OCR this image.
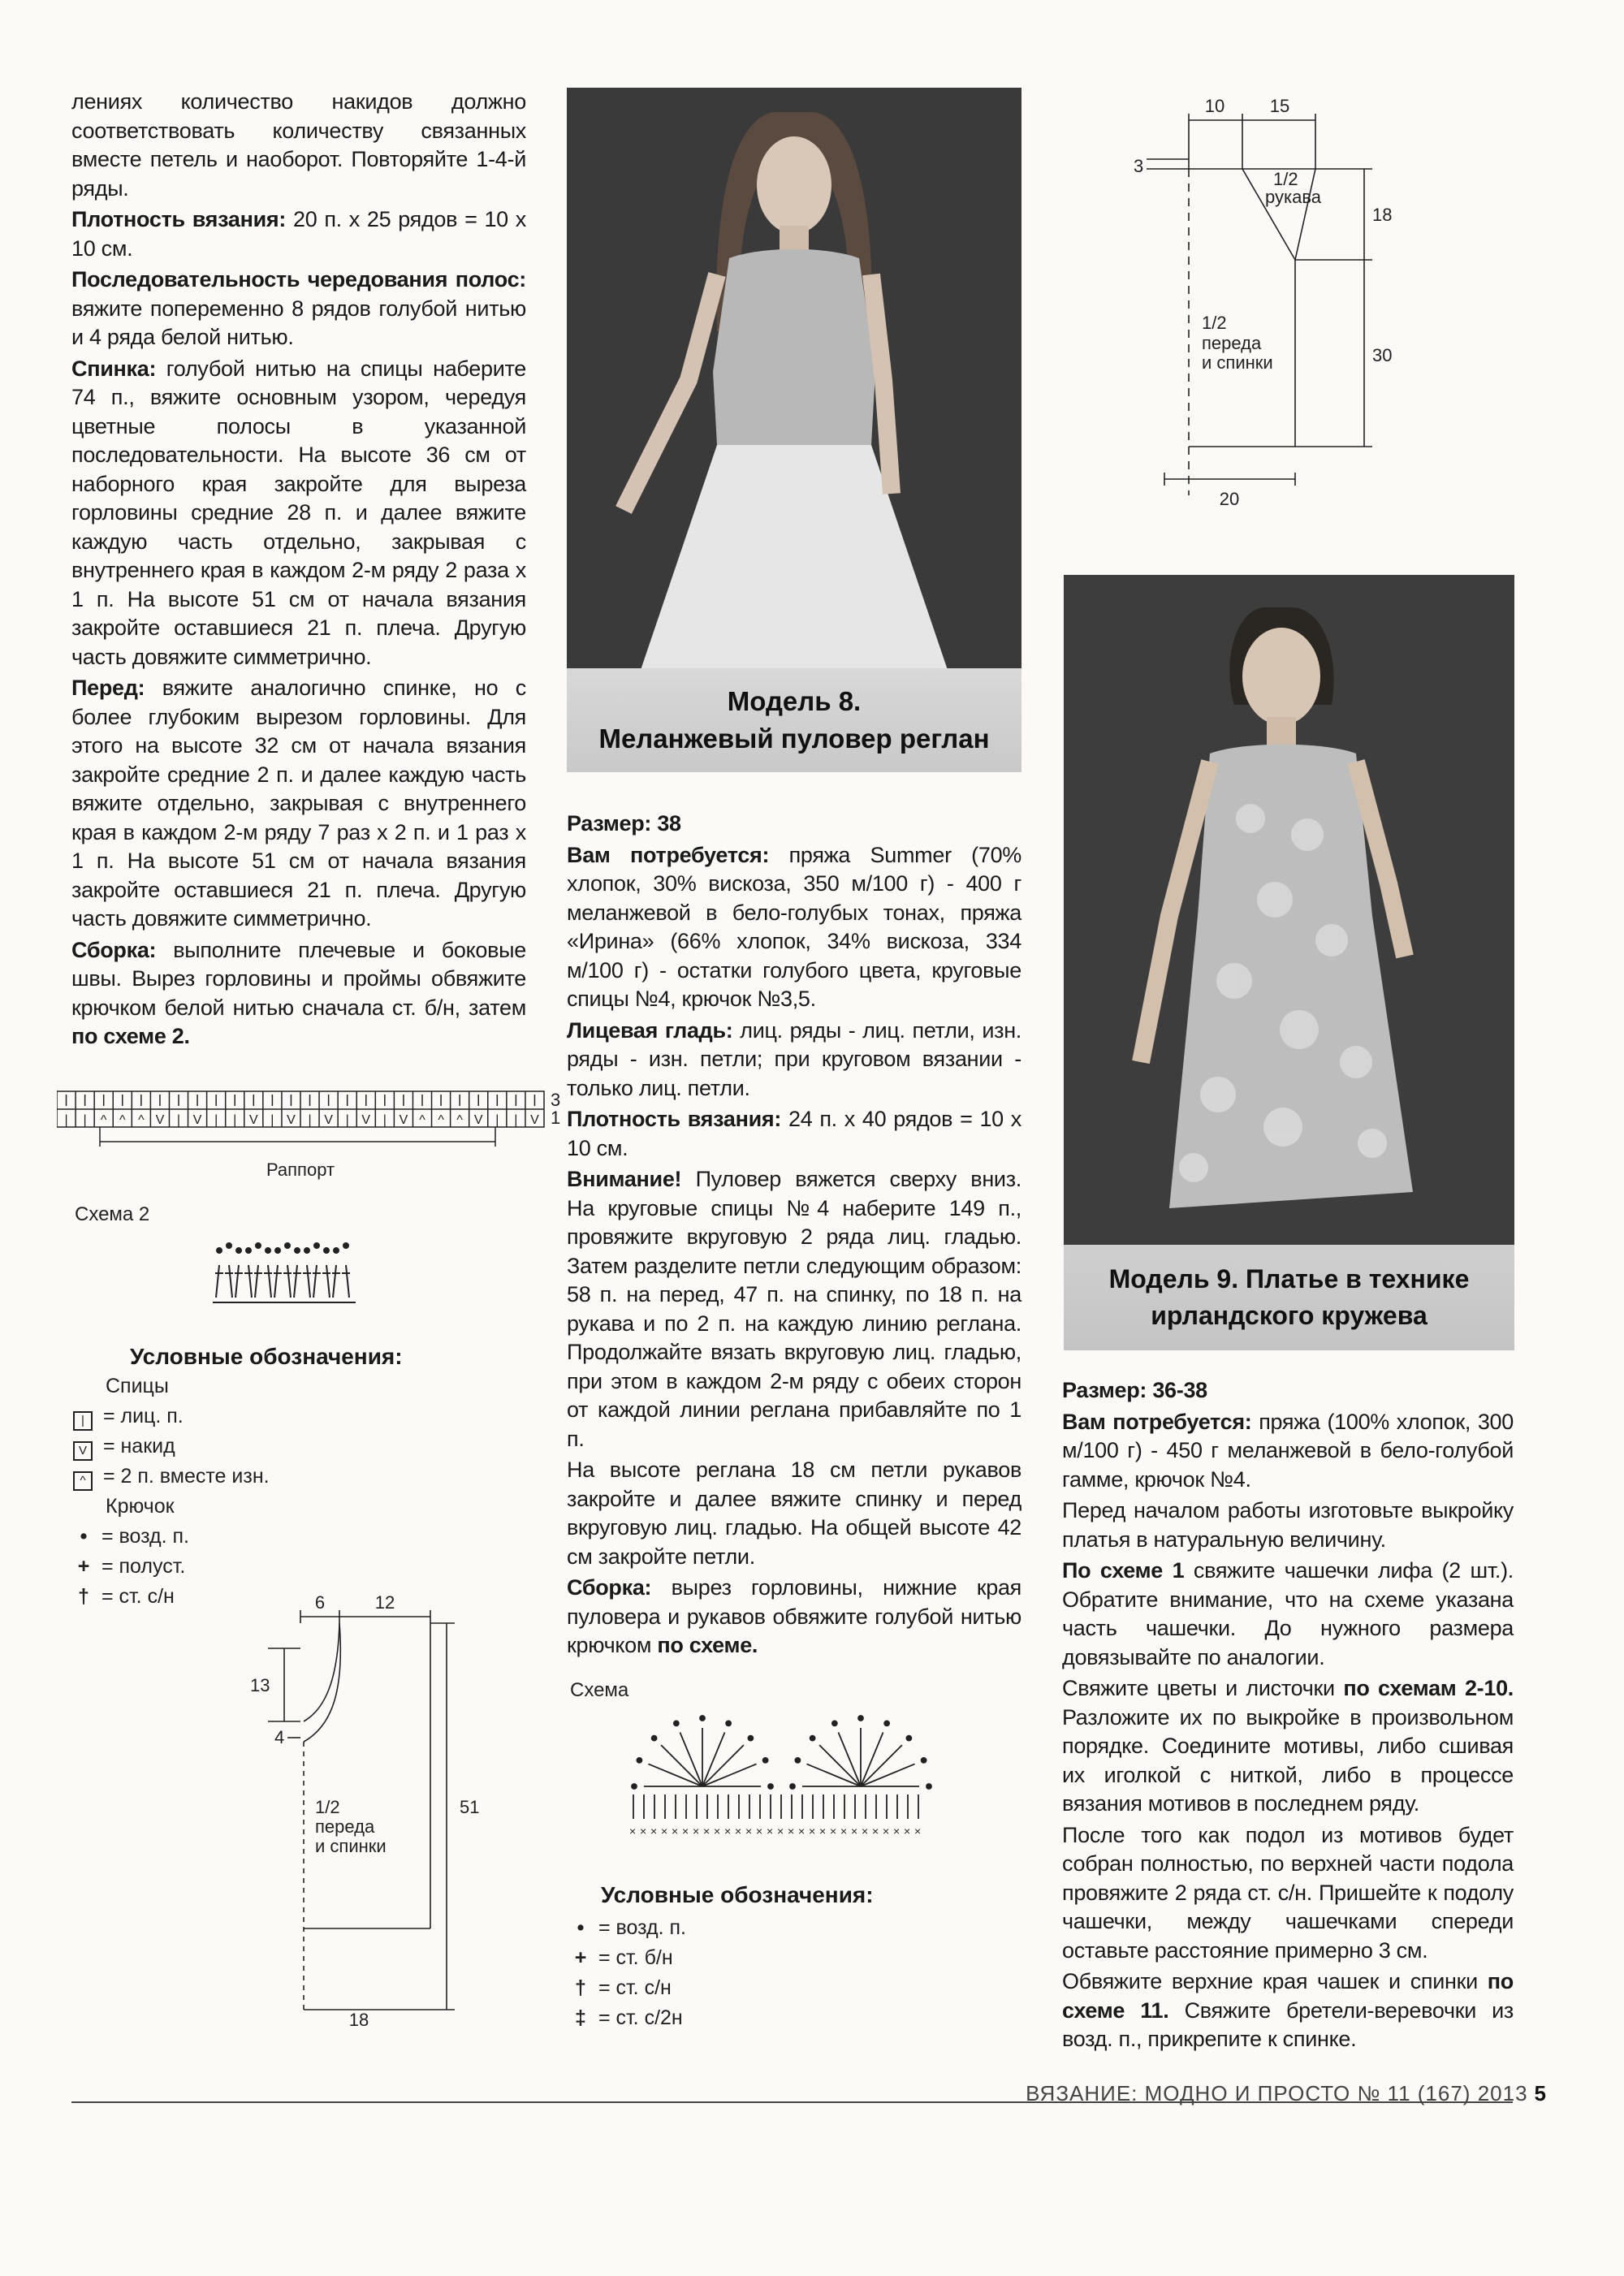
лениях количество накидов должно соответствовать количеству связанных вместе петель и наоборот. Повторяйте 1-4-й ряды.

Плотность вязания: 20 п. x 25 рядов = 10 x 10 см.

Последовательность чередования полос: вяжите попеременно 8 рядов голубой нитью и 4 ряда белой нитью.

Спинка: голубой нитью на спицы наберите 74 п., вяжите основным узором, чередуя цветные полосы в указанной последовательности. На высоте 36 см от наборного края закройте для выреза горловины средние 28 п. и далее вяжите каждую часть отдельно, закрывая с внутреннего края в каждом 2-м ряду 2 раза x 1 п. На высоте 51 см от начала вязания закройте оставшиеся 21 п. плеча. Другую часть довяжите симметрично.

Перед: вяжите аналогично спинке, но с более глубоким вырезом горловины. Для этого на высоте 32 см от начала вязания закройте средние 2 п. и далее каждую часть вяжите отдельно, закрывая с внутреннего края в каждом 2-м ряду 7 раз x 2 п. и 1 раз x 1 п. На высоте 51 см от начала вязания закройте оставшиеся 21 п. плеча. Другую часть довяжите симметрично.

Сборка: выполните плечевые и боковые швы. Вырез горловины и проймы обвяжите крючком белой нитью сначала ст. б/н, затем по схеме 2.

| | ^ ^ ^ V | V | | V | V | V | V | V ^ ^ ^ V | | V
3
1
Раппорт
Схема 2
Условные обозначения:
Спицы
| = лиц. п.
V = накид
^ = 2 п. вместе изн.
Крючок
• = возд. п.
+ = полуст.
† = ст. с/н	6	12
13
4
51
18
1/2
переда
и спинки
Модель 8.
Меланжевый пуловер реглан

Размер: 38

Вам потребуется: пряжа Summer (70% хлопок, 30% вискоза, 350 м/100 г) - 400 г меланжевой в бело-голубых тонах, пряжа «Ирина» (66% хлопок, 34% вискоза, 334 м/100 г) - остатки голубого цвета, круговые спицы №4, крючок №3,5.

Лицевая гладь: лиц. ряды - лиц. петли, изн. ряды - изн. петли; при круговом вязании - только лиц. петли.

Плотность вязания: 24 п. x 40 рядов = 10 x 10 см.

Внимание! Пуловер вяжется сверху вниз. На круговые спицы №4 наберите 149 п., провяжите вкруговую 2 ряда лиц. гладью. Затем разделите петли следующим образом: 58 п. на перед, 47 п. на спинку, по 18 п. на рукава и по 2 п. на каждую линию реглана. Продолжайте вязать вкруговую лиц. гладью, при этом в каждом 2-м ряду с обеих сторон от каждой линии реглана прибавляйте по 1 п.

На высоте реглана 18 см петли рукавов закройте и далее вяжите спинку и перед вкруговую лиц. гладью. На общей высоте 42 см закройте петли.

Сборка: вырез горловины, нижние края пуловера и рукавов обвяжите голубой нитью крючком по схеме.

Схема
× × × × × × × × × × × × × × × × × × × × × × × × × × × ×
Условные обозначения:
• = возд. п.
+ = ст. б/н
† = ст. с/н
‡ = ст. с/2н
10	15
3
18
30
20
1/2
рукава
1/2
переда
и спинки
Модель 9. Платье в технике
ирландского кружева

Размер: 36-38

Вам потребуется: пряжа (100% хлопок, 300 м/100 г) - 450 г меланжевой в бело-голубой гамме, крючок №4.

Перед началом работы изготовьте выкройку платья в натуральную величину.

По схеме 1 свяжите чашечки лифа (2 шт.). Обратите внимание, что на схеме указана часть чашечки. До нужного размера довязывайте по аналогии.

Свяжите цветы и листочки по схемам 2-10. Разложите их по выкройке в произвольном порядке. Соедините мотивы, либо сшивая их иголкой с ниткой, либо в процессе вязания мотивов в последнем ряду.

После того как подол из мотивов будет собран полностью, по верхней части подола провяжите 2 ряда ст. с/н. Пришейте к подолу чашечки, между чашечками спереди оставьте расстояние примерно 3 см.

Обвяжите верхние края чашек и спинки по схеме 11. Свяжите бретели-веревочки из возд. п., прикрепите к спинке.

ВЯЗАНИЕ: МОДНО И ПРОСТО № 11 (167) 2013 5
